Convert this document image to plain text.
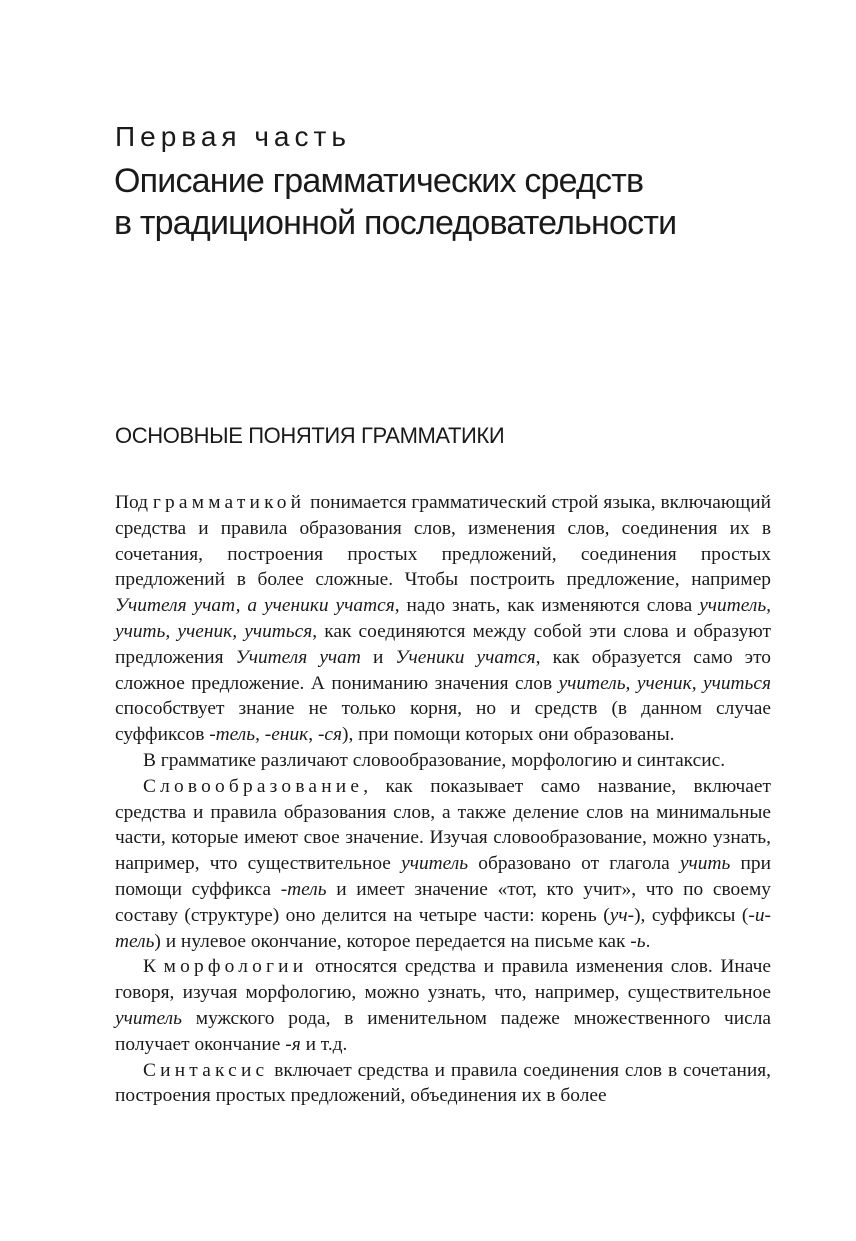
Первая часть
Описание грамматических средств
в традиционной последовательности
ОСНОВНЫЕ ПОНЯТИЯ ГРАММАТИКИ

Под грамматикой понимается грамматический строй языка, включающий средства и правила образования слов, изменения слов, соединения их в сочетания, построения простых предложений, соединения простых предложений в более сложные. Чтобы построить предложение, например Учителя учат, а ученики учатся, надо знать, как изменяются слова учитель, учить, ученик, учиться, как соединяются между собой эти слова и образуют предложения Учителя учат и Ученики учатся, как образуется само это сложное предложение. А пониманию значения слов учитель, ученик, учиться способствует знание не только корня, но и средств (в данном случае суффиксов -тель, -еник, -ся), при помощи которых они образованы.

В грамматике различают словообразование, морфологию и синтаксис.

Словообразование, как показывает само название, включает средства и правила образования слов, а также деление слов на минимальные части, которые имеют свое значение. Изучая словообразование, можно узнать, например, что существительное учитель образовано от глагола учить при помощи суффикса -тель и имеет значение «тот, кто учит», что по своему составу (структуре) оно делится на четыре части: корень (уч-), суффиксы (-и-тель) и нулевое окончание, которое передается на письме как -ь.

К морфологии относятся средства и правила изменения слов. Иначе говоря, изучая морфологию, можно узнать, что, например, существительное учитель мужского рода, в именительном падеже множественного числа получает окончание -я и т.д.

Синтаксис включает средства и правила соединения слов в сочетания, построения простых предложений, объединения их в более
